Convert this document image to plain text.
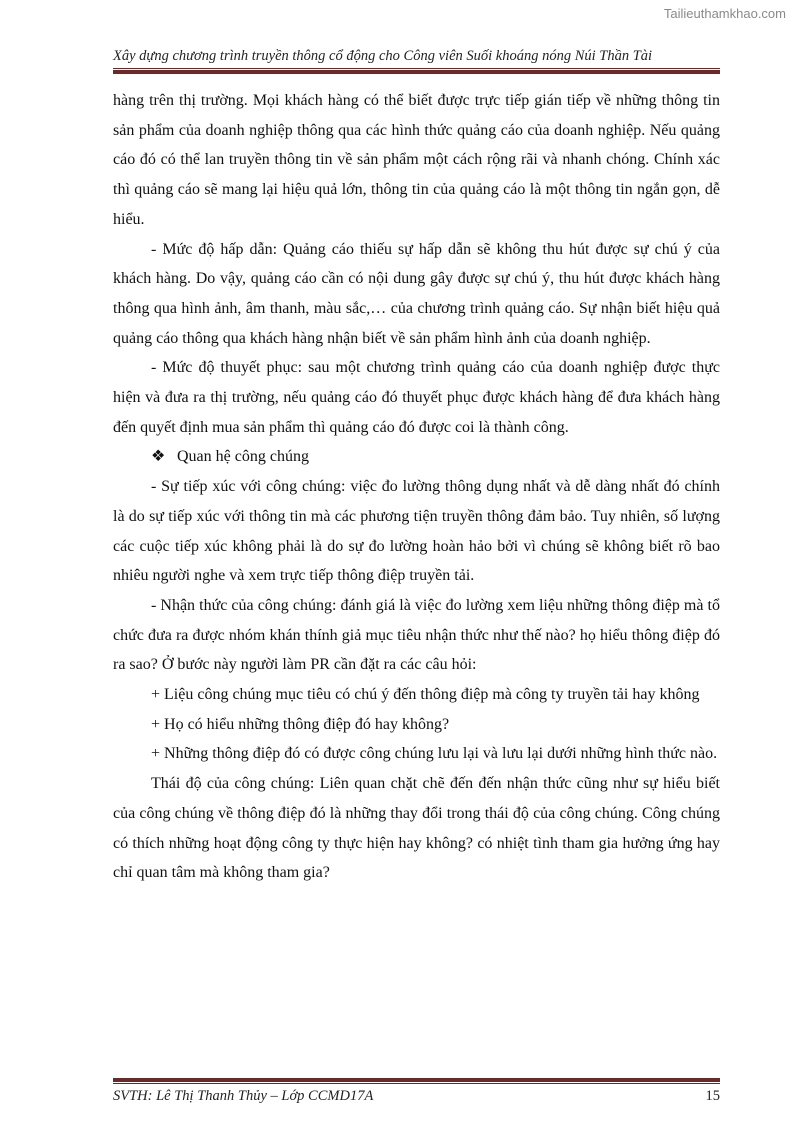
Tailieuthamkhao.com
Xây dựng chương trình truyền thông cổ động cho Công viên Suối khoáng nóng Núi Thần Tài

hàng trên thị trường. Mọi khách hàng có thể biết được trực tiếp gián tiếp về những thông tin sản phẩm của doanh nghiệp thông qua các hình thức quảng cáo của doanh nghiệp. Nếu quảng cáo đó có thể lan truyền thông tin về sản phẩm một cách rộng rãi và nhanh chóng. Chính xác thì quảng cáo sẽ mang lại hiệu quả lớn, thông tin của quảng cáo là một thông tin ngắn gọn, dễ hiểu.

- Mức độ hấp dẫn: Quảng cáo thiếu sự hấp dẫn sẽ không thu hút được sự chú ý của khách hàng. Do vậy, quảng cáo cần có nội dung gây được sự chú ý, thu hút được khách hàng thông qua hình ảnh, âm thanh, màu sắc,… của chương trình quảng cáo. Sự nhận biết hiệu quả quảng cáo thông qua khách hàng nhận biết về sản phẩm hình ảnh của doanh nghiệp.

- Mức độ thuyết phục: sau một chương trình quảng cáo của doanh nghiệp được thực hiện và đưa ra thị trường, nếu quảng cáo đó thuyết phục được khách hàng để đưa khách hàng đến quyết định mua sản phẩm thì quảng cáo đó được coi là thành công.

❖ Quan hệ công chúng

- Sự tiếp xúc với công chúng: việc đo lường thông dụng nhất và dễ dàng nhất đó chính là do sự tiếp xúc với thông tin mà các phương tiện truyền thông đảm bảo. Tuy nhiên, số lượng các cuộc tiếp xúc không phải là do sự đo lường hoàn hảo bởi vì chúng sẽ không biết rõ bao nhiêu người nghe và xem trực tiếp thông điệp truyền tải.

- Nhận thức của công chúng: đánh giá là việc đo lường xem liệu những thông điệp mà tổ chức đưa ra được nhóm khán thính giả mục tiêu nhận thức như thế nào? họ hiểu thông điệp đó ra sao? Ở bước này người làm PR cần đặt ra các câu hỏi:

+ Liệu công chúng mục tiêu có chú ý đến thông điệp mà công ty truyền tải hay không

+ Họ có hiểu những thông điệp đó hay không?

+ Những thông điệp đó có được công chúng lưu lại và lưu lại dưới những hình thức nào.

Thái độ của công chúng: Liên quan chặt chẽ đến đến nhận thức cũng như sự hiểu biết của công chúng về thông điệp đó là những thay đổi trong thái độ của công chúng. Công chúng có thích những hoạt động công ty thực hiện hay không? có nhiệt tình tham gia hưởng ứng hay chỉ quan tâm mà không tham gia?

SVTH: Lê Thị Thanh Thủy – Lớp CCMD17A	15
